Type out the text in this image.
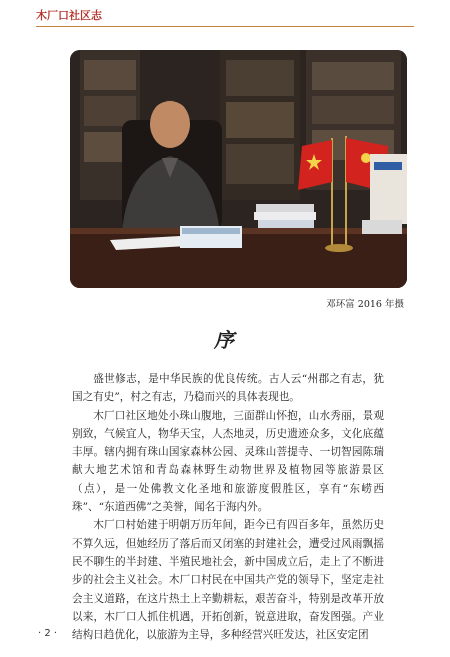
木厂口社区志
邓环富 2016 年摄
序

盛世修志，是中华民族的优良传统。古人云“州郡之有志，犹国之有史”，村之有志，乃稳而兴的具体表现也。

木厂口社区地处小珠山腹地，三面群山怀抱，山水秀丽，景观别致，气候宜人，物华天宝，人杰地灵，历史遗迹众多，文化底蕴丰厚。辖内拥有珠山国家森林公园、灵珠山菩提寺、一切智园陈瑞献大地艺术馆和青岛森林野生动物世界及植物园等旅游景区（点），是一处佛教文化圣地和旅游度假胜区，享有“东崂西珠”、“东道西佛”之美誉，闻名于海内外。

木厂口村始建于明朝万历年间，距今已有四百多年，虽然历史不算久远，但她经历了落后而又闭塞的封建社会，遭受过风雨飘摇民不聊生的半封建、半殖民地社会，新中国成立后，走上了不断进步的社会主义社会。木厂口村民在中国共产党的领导下，坚定走社会主义道路，在这片热土上辛勤耕耘，艰苦奋斗，特别是改革开放以来，木厂口人抓住机遇，开拓创新，锐意进取，奋发图强。产业结构日趋优化，以旅游为主导，多种经营兴旺发达，社区安定团

· 2 ·
